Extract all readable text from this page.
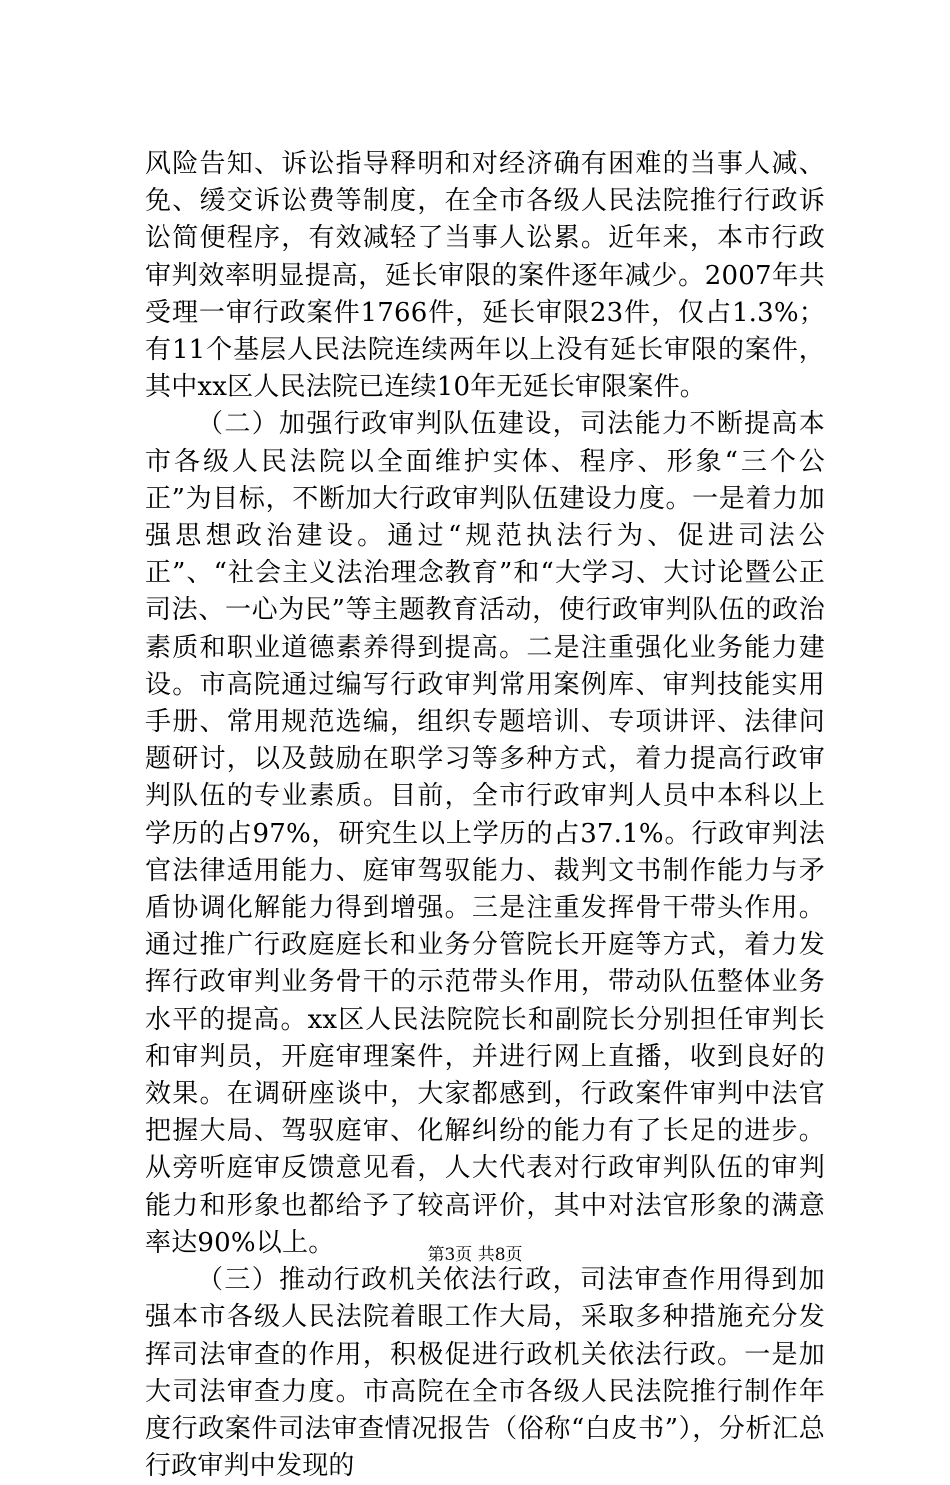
风险告知、诉讼指导释明和对经济确有困难的当事人减、免、缓交诉讼费等制度，在全市各级人民法院推行行政诉讼简便程序，有效减轻了当事人讼累。近年来，本市行政审判效率明显提高，延长审限的案件逐年减少。2007年共受理一审行政案件1766件，延长审限23件，仅占1.3%；有11个基层人民法院连续两年以上没有延长审限的案件，其中xx区人民法院已连续10年无延长审限案件。

（二）加强行政审判队伍建设，司法能力不断提高本市各级人民法院以全面维护实体、程序、形象“三个公正”为目标，不断加大行政审判队伍建设力度。一是着力加强思想政治建设。通过“规范执法行为、促进司法公正”、“社会主义法治理念教育”和“大学习、大讨论暨公正司法、一心为民”等主题教育活动，使行政审判队伍的政治素质和职业道德素养得到提高。二是注重强化业务能力建设。市高院通过编写行政审判常用案例库、审判技能实用手册、常用规范选编，组织专题培训、专项讲评、法律问题研讨，以及鼓励在职学习等多种方式，着力提高行政审判队伍的专业素质。目前，全市行政审判人员中本科以上学历的占97%，研究生以上学历的占37.1%。行政审判法官法律适用能力、庭审驾驭能力、裁判文书制作能力与矛盾协调化解能力得到增强。三是注重发挥骨干带头作用。通过推广行政庭庭长和业务分管院长开庭等方式，着力发挥行政审判业务骨干的示范带头作用，带动队伍整体业务水平的提高。xx区人民法院院长和副院长分别担任审判长和审判员，开庭审理案件，并进行网上直播，收到良好的效果。在调研座谈中，大家都感到，行政案件审判中法官把握大局、驾驭庭审、化解纠纷的能力有了长足的进步。从旁听庭审反馈意见看，人大代表对行政审判队伍的审判能力和形象也都给予了较高评价，其中对法官形象的满意率达90%以上。

（三）推动行政机关依法行政，司法审查作用得到加强本市各级人民法院着眼工作大局，采取多种措施充分发挥司法审查的作用，积极促进行政机关依法行政。一是加大司法审查力度。市高院在全市各级人民法院推行制作年度行政案件司法审查情况报告（俗称“白皮书”），分析汇总行政审判中发现的

第3页 共8页
